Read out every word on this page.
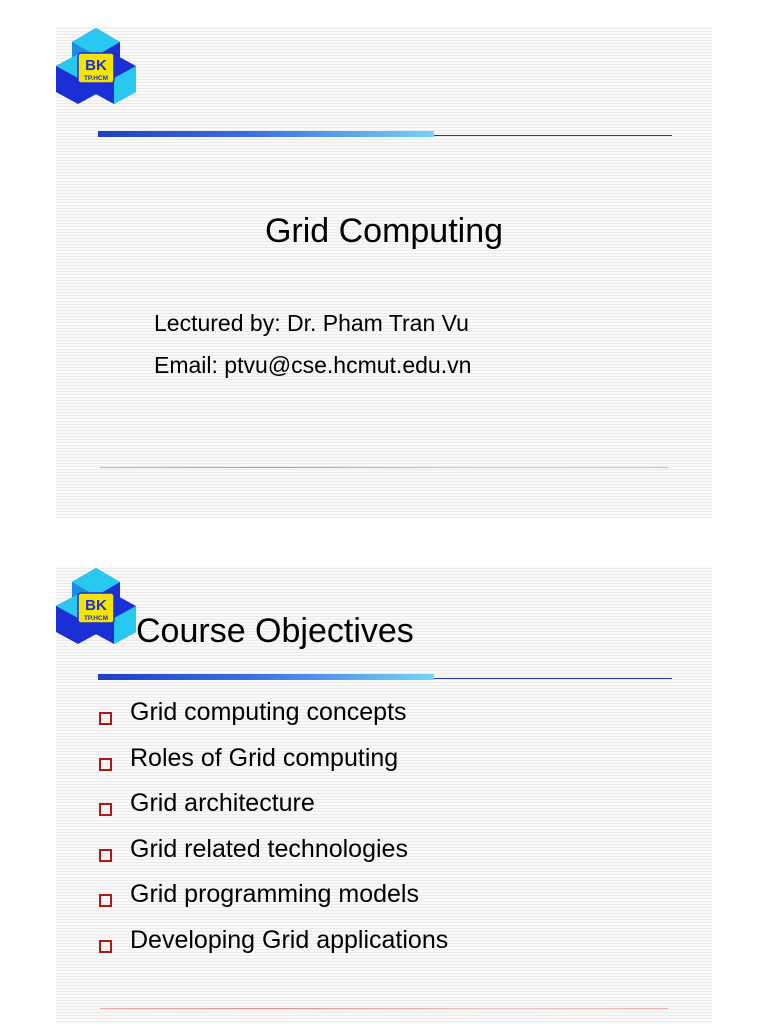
BK
TP.HCM
Grid Computing
Lectured by: Dr. Pham Tran Vu
Email: ptvu@cse.hcmut.edu.vn
BK
TP.HCM Course Objectives
Grid computing concepts
Roles of Grid computing
Grid architecture
Grid related technologies
Grid programming models
Developing Grid applications
